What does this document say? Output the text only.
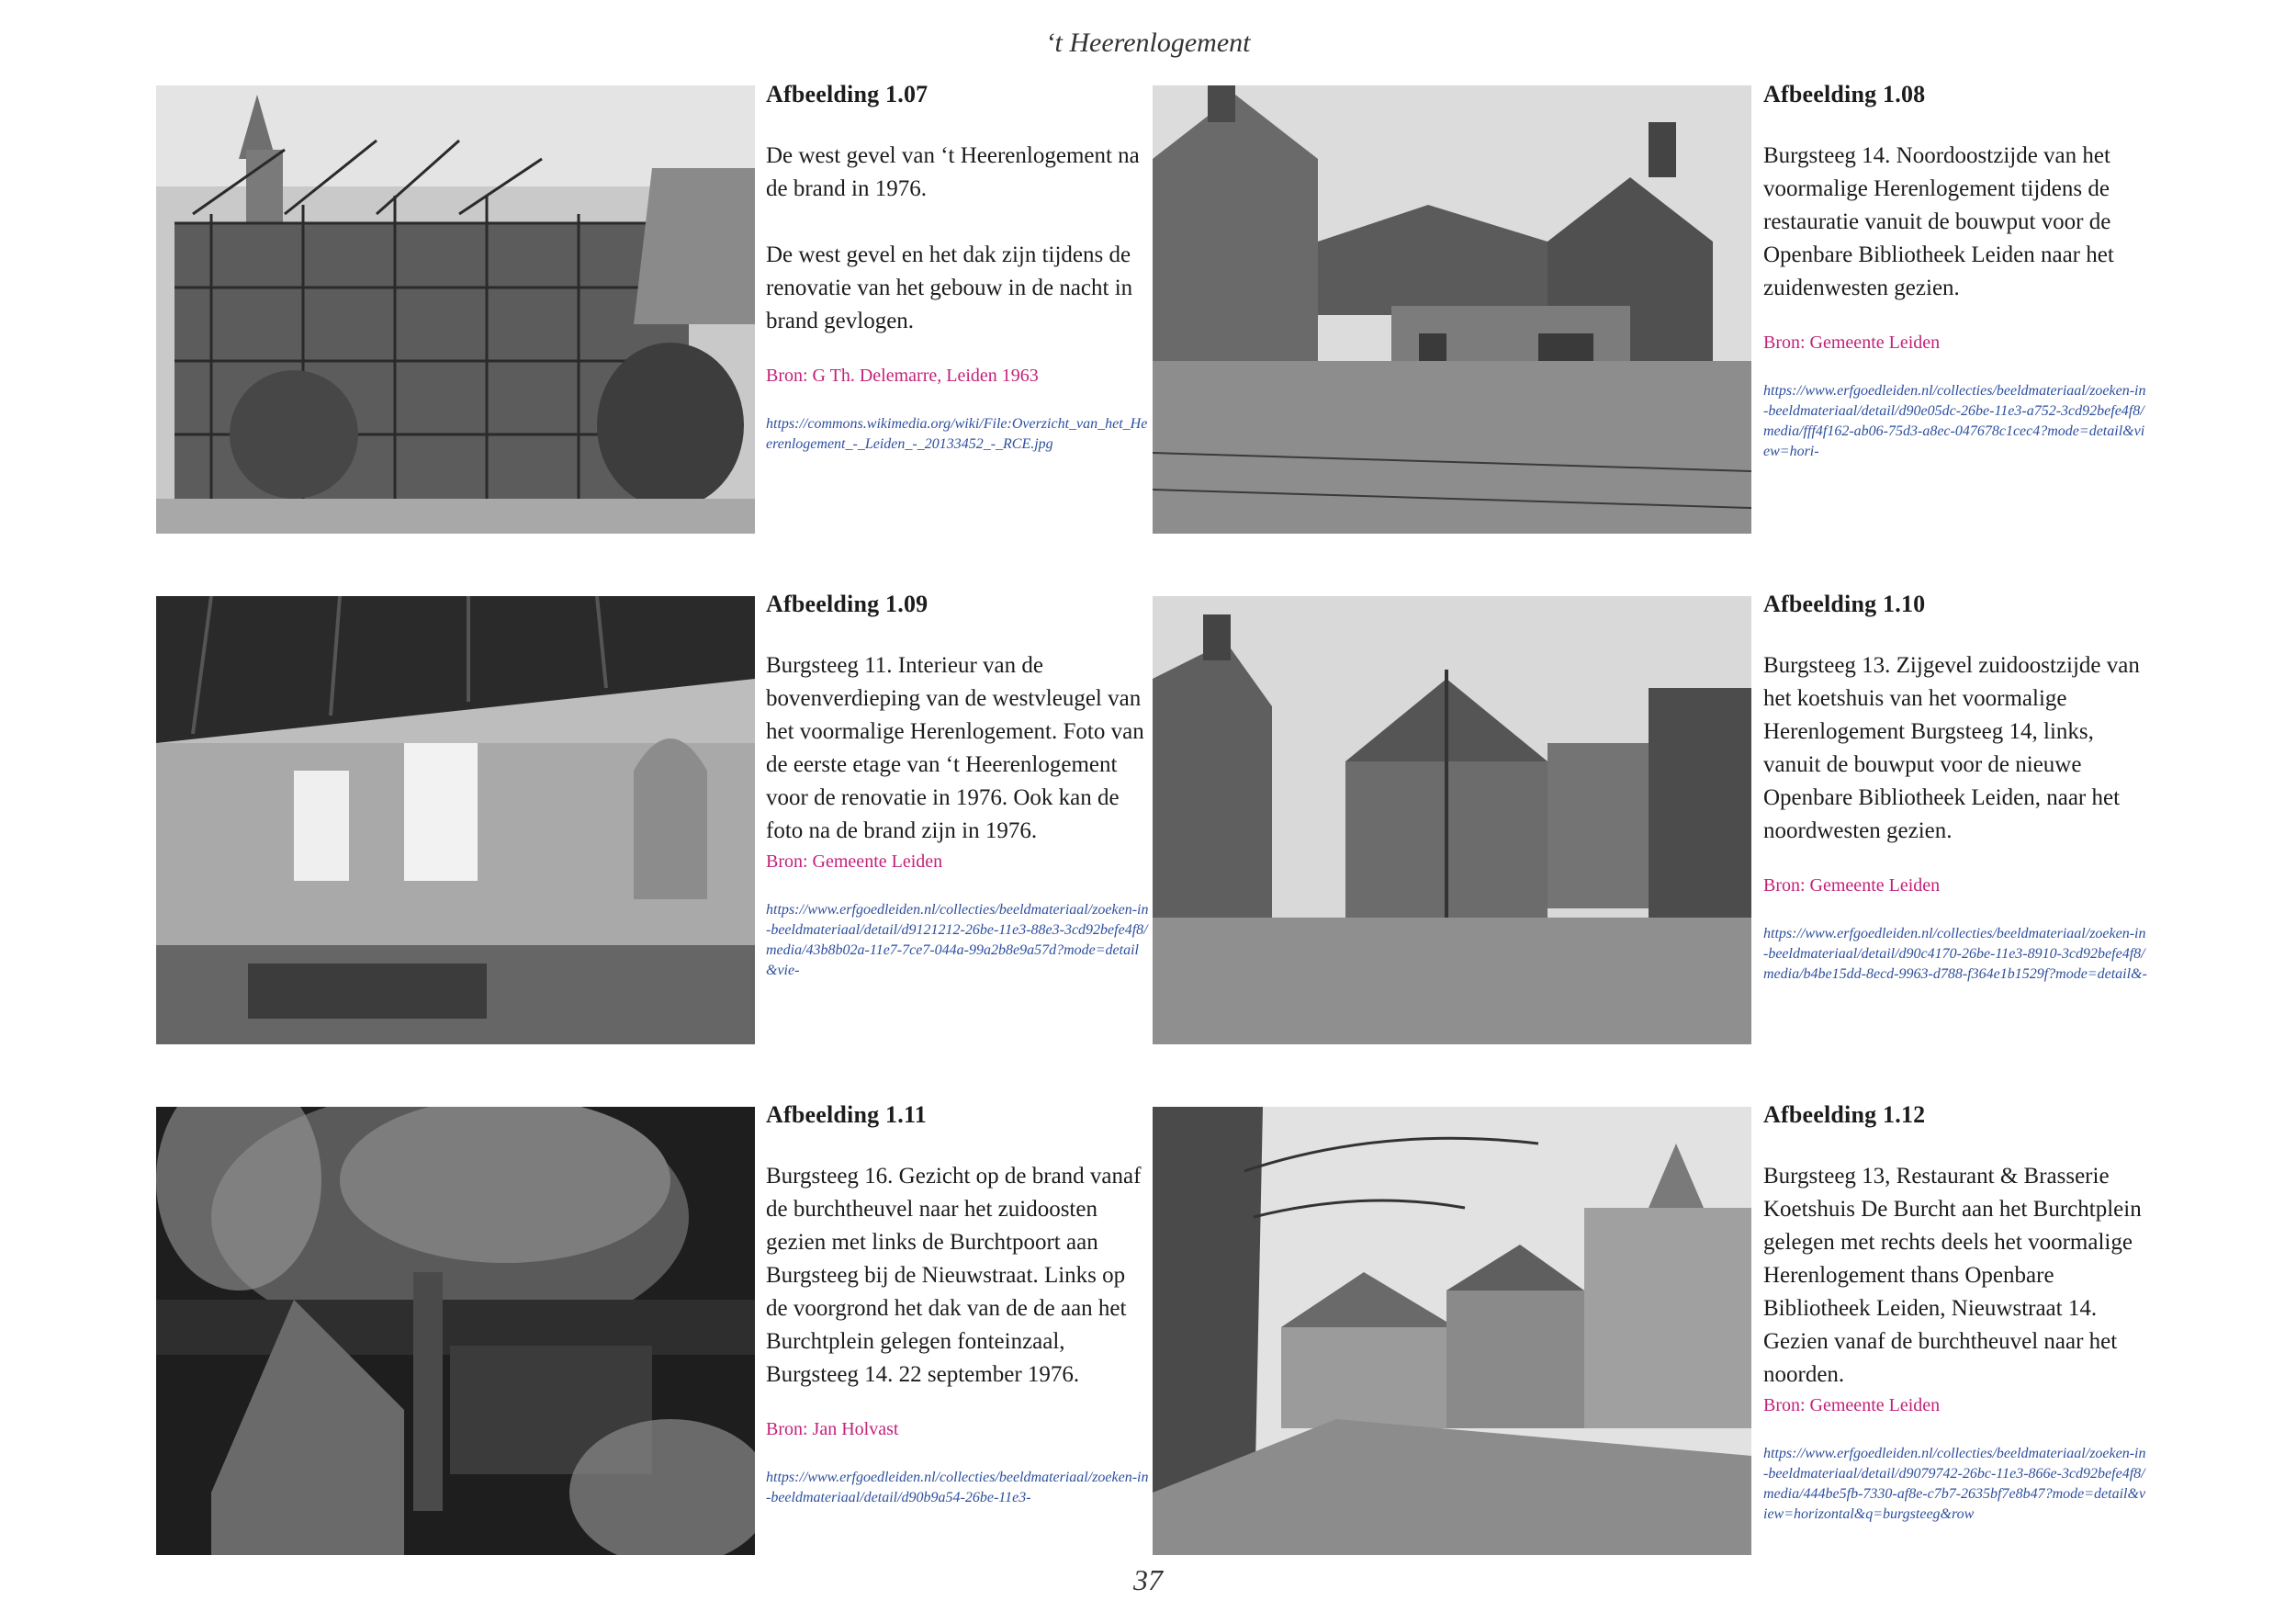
‘t Heerenlogement
Afbeelding 1.07

De west gevel van ‘t Heerenlogement na de brand in 1976.

De west gevel en het dak zijn tijdens de renovatie van het gebouw in de nacht in brand gevlogen.

Bron: G Th. Delemarre, Leiden 1963
https://commons.wikimedia.org/wiki/File:Overzicht_van_het_Heerenlogement_-_Leiden_-_20133452_-_RCE.jpg
Afbeelding 1.08

Burgsteeg 14. Noordoostzijde van het voormalige Herenlogement tijdens de restauratie vanuit de bouwput voor de Openbare Bibliotheek Leiden naar het zuidenwesten gezien.

Bron: Gemeente Leiden
https://www.erfgoedleiden.nl/collecties/beeldmateriaal/zoeken-in-beeldmateriaal/detail/d90e05dc-26be-11e3-a752-3cd92befe4f8/media/fff4f162-ab06-75d3-a8ec-047678c1cec4?mode=detail&view=hori-
Afbeelding 1.09

Burgsteeg 11. Interieur van de bovenverdieping van de westvleugel van het voormalige Herenlogement. Foto van de eerste etage van ‘t Heerenlogement voor de renovatie in 1976. Ook kan de foto na de brand zijn in 1976.

Bron: Gemeente Leiden
https://www.erfgoedleiden.nl/collecties/beeldmateriaal/zoeken-in-beeldmateriaal/detail/d9121212-26be-11e3-88e3-3cd92befe4f8/media/43b8b02a-11e7-7ce7-044a-99a2b8e9a57d?mode=detail&vie-
Afbeelding 1.10

Burgsteeg 13. Zijgevel zuidoostzijde van het koetshuis van het voormalige Herenlogement Burgsteeg 14, links, vanuit de bouwput voor de nieuwe Openbare Bibliotheek Leiden, naar het noordwesten gezien.

Bron: Gemeente Leiden
https://www.erfgoedleiden.nl/collecties/beeldmateriaal/zoeken-in-beeldmateriaal/detail/d90c4170-26be-11e3-8910-3cd92befe4f8/media/b4be15dd-8ecd-9963-d788-f364e1b1529f?mode=detail&-
Afbeelding 1.11

Burgsteeg 16. Gezicht op de brand vanaf de burchtheuvel naar het zuidoosten gezien met links de Burchtpoort aan Burgsteeg bij de Nieuwstraat. Links op de voorgrond het dak van de de aan het Burchtplein gelegen fonteinzaal, Burgsteeg 14. 22 september 1976.

Bron: Jan Holvast
https://www.erfgoedleiden.nl/collecties/beeldmateriaal/zoeken-in-beeldmateriaal/detail/d90b9a54-26be-11e3-
Afbeelding 1.12

Burgsteeg 13, Restaurant & Brasserie Koetshuis De Burcht aan het Burchtplein gelegen met rechts deels het voormalige Herenlogement thans Openbare Bibliotheek Leiden, Nieuwstraat 14. Gezien vanaf de burchtheuvel naar het noorden.

Bron: Gemeente Leiden
https://www.erfgoedleiden.nl/collecties/beeldmateriaal/zoeken-in-beeldmateriaal/detail/d9079742-26bc-11e3-866e-3cd92befe4f8/media/444be5fb-7330-af8e-c7b7-2635bf7e8b47?mode=detail&view=horizontal&q=burgsteeg&row
37
